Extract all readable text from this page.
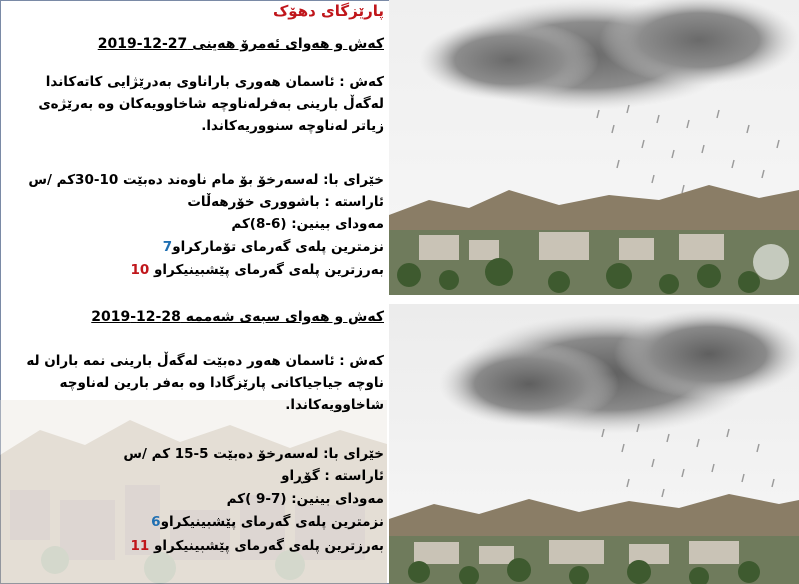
پارێزگای دهۆک
کەش و هەوای ئەمرۆ هەینی 27-12-2019
کەش : ئاسمان هەوری باراناوی بەدرێژایی کاتەکاندا لەگەڵ بارینی بەفرلەناوچە شاخاوویەکان وە بەرێژەی زیاتر لەناوچە سنووریەکاندا.
خێرای با: لەسەرخۆ بۆ مام ناوەند دەبێت 10-30کم /س
ئاراستە : باشووری خۆرهەڵات
مەودای بینین: (6-8)کم
نزمترین پلەی گەرمای تۆمارکراو7
بەرزترین پلەی گەرمای پێشبینیکراو 10
کەش و هەوای سبەی شەممە 28-12-2019
کەش : ئاسمان هەور دەبێت لەگەڵ بارینی نمە باران لە ناوچە جیاجیاکانی پارێزگادا وە بەفر بارین لەناوچە شاخاوویەکاندا.
خێرای با: لەسەرخۆ دەبێت 5-15 کم /س
ئاراستە : گۆڕاو
مەودای بینین: (7-9 )کم
نزمترین پلەی گەرمای پێشبینیکراو6
بەرزترین پلەی گەرمای پێشبینیکراو 11
